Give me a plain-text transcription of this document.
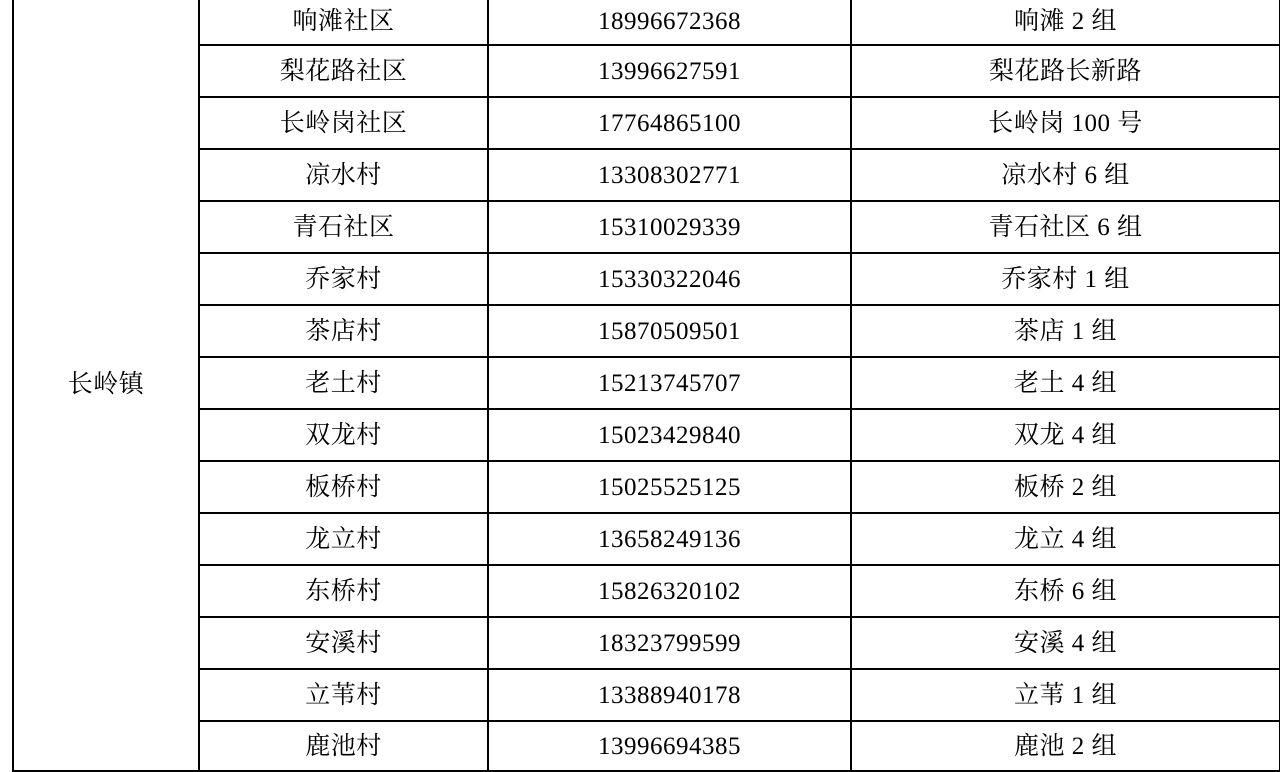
长岭镇	响滩社区	18996672368	响滩 2 组
	梨花路社区	13996627591	梨花路长新路
	长岭岗社区	17764865100	长岭岗 100 号
	凉水村	13308302771	凉水村 6 组
	青石社区	15310029339	青石社区 6 组
	乔家村	15330322046	乔家村 1 组
	茶店村	15870509501	茶店 1 组
	老土村	15213745707	老土 4 组
	双龙村	15023429840	双龙 4 组
	板桥村	15025525125	板桥 2 组
	龙立村	13658249136	龙立 4 组
	东桥村	15826320102	东桥 6 组
	安溪村	18323799599	安溪 4 组
	立苇村	13388940178	立苇 1 组
	鹿池村	13996694385	鹿池 2 组
